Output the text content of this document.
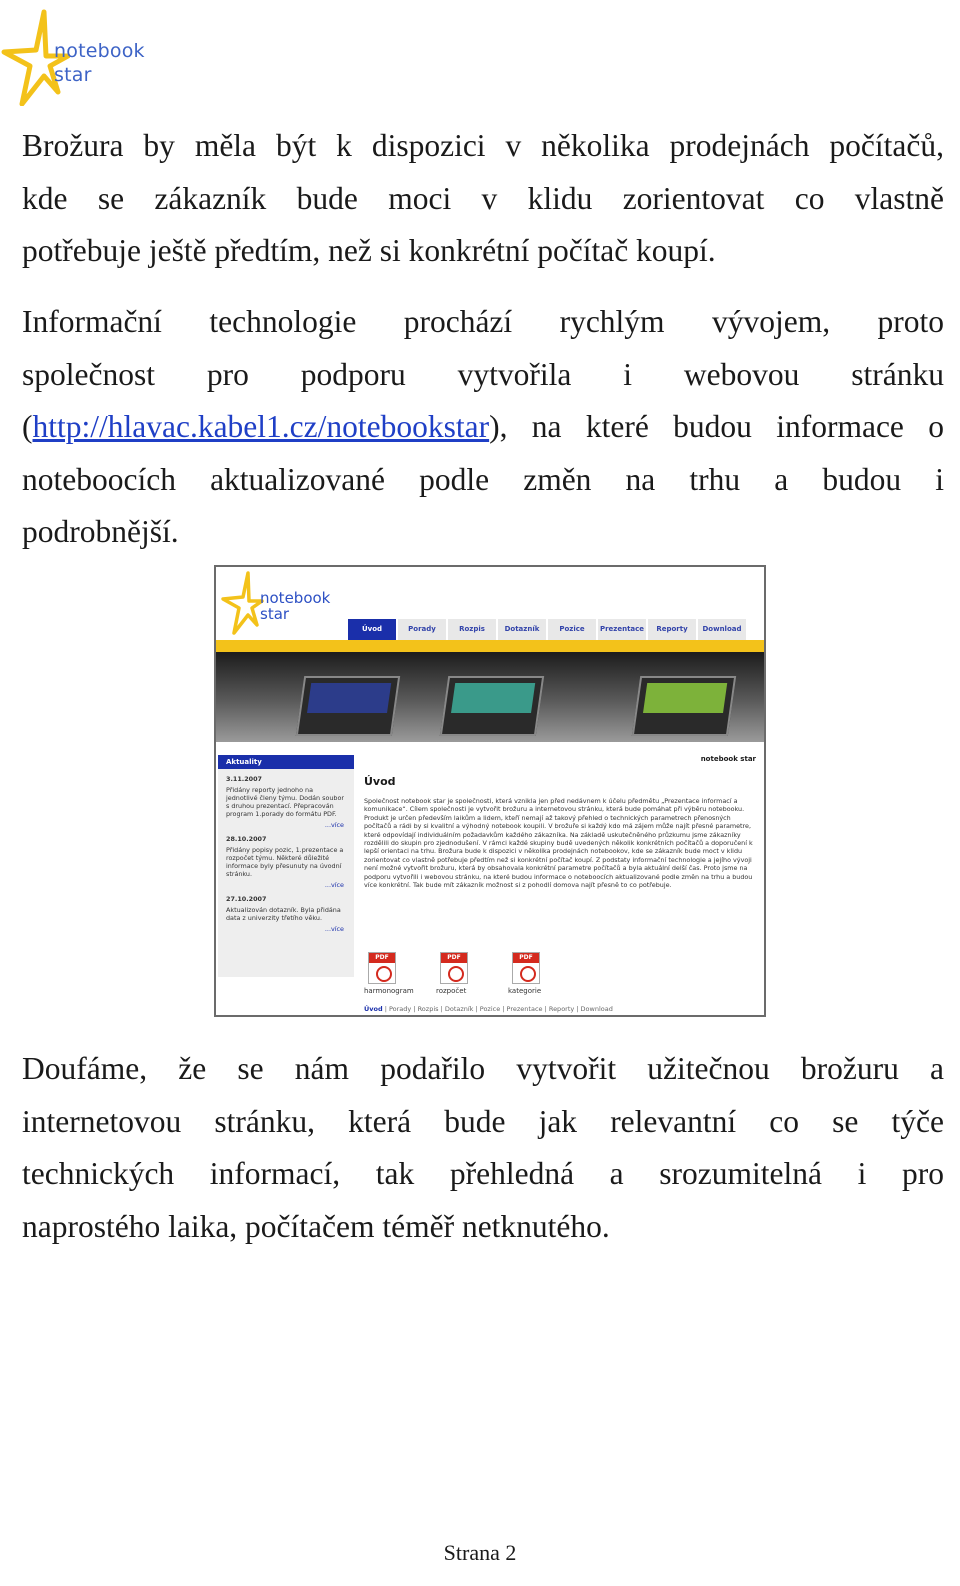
notebook
star
Brožura by měla být k dispozici v několika prodejnách počítačů,
kde se zákazník bude moci v klidu zorientovat co vlastně
potřebuje ještě předtím, než si konkrétní počítač koupí.
Informační technologie prochází rychlým vývojem, proto
společnost pro podporu vytvořila i webovou stránku
(http://hlavac.kabel1.cz/notebookstar), na které budou informace o
noteboocích aktualizované podle změn na trhu a budou i
podrobnější.
notebook
star
Úvod	Porady	Rozpis	Dotazník	Pozice	Prezentace	Reporty	Download
Aktuality

3.11.2007

Přidány reporty jednoho na jednotlivé členy týmu. Dodán soubor s druhou prezentací. Přepracován program 1.porady do formátu PDF.

...více

28.10.2007

Přidány popisy pozic, 1.prezentace a rozpočet týmu. Některé důležité informace byly přesunuty na úvodní stránku.

...více

27.10.2007

Aktualizován dotazník. Byla přidána data z univerzity třetího věku.

...více

notebook star
Úvod
Společnost notebook star je společnosti, která vznikla jen před nedávnem k účelu předmětu „Prezentace informací a komunikace“. Cílem společnosti je vytvořit brožuru a internetovou stránku, která bude pomáhat při výběru notebooku. Produkt je určen především laikům a lidem, kteří nemají až takový přehled o technických parametrech přenosných počítačů a rádi by si kvalitní a výhodný notebook koupili. V brožuře si každý kdo má zájem může najít přesné parametre, které odpovídají individuálním požadavkům každého zákazníka. Na základě uskutečněného průzkumu jsme zákazníky rozdělili do skupin pro zjednodušení. V rámci každé skupiny budě uvedených několik konkrétních počítačů a doporučení k lepší orientaci na trhu. Brožura bude k dispozici v několika prodejnách notebookov, kde se zákazník bude moct v klidu zorientovat co vlastně potřebuje předtím než si konkrétní počítač koupí. Z podstaty informační technologie a jejího vývoji není možné vytvořit brožuru, která by obsahovala konkrétní parametre počítačů a byla aktuální delší čas. Proto jsme na podporu vytvořili i webovou stránku, na které budou informace o noteboocích aktualizované podle změn na trhu a budou více konkrétní. Tak bude mít zákazník možnost si z pohodlí domova najít přesně to co potřebuje.
PDF
harmonogram
PDF
rozpočet
PDF
kategorie
Úvod | Porady | Rozpis | Dotazník | Pozice | Prezentace | Reporty | Download
Doufáme, že se nám podařilo vytvořit užitečnou brožuru a
internetovou stránku, která bude jak relevantní co se týče
technických informací, tak přehledná a srozumitelná i pro
naprostého laika, počítačem téměř netknutého.
Strana 2
